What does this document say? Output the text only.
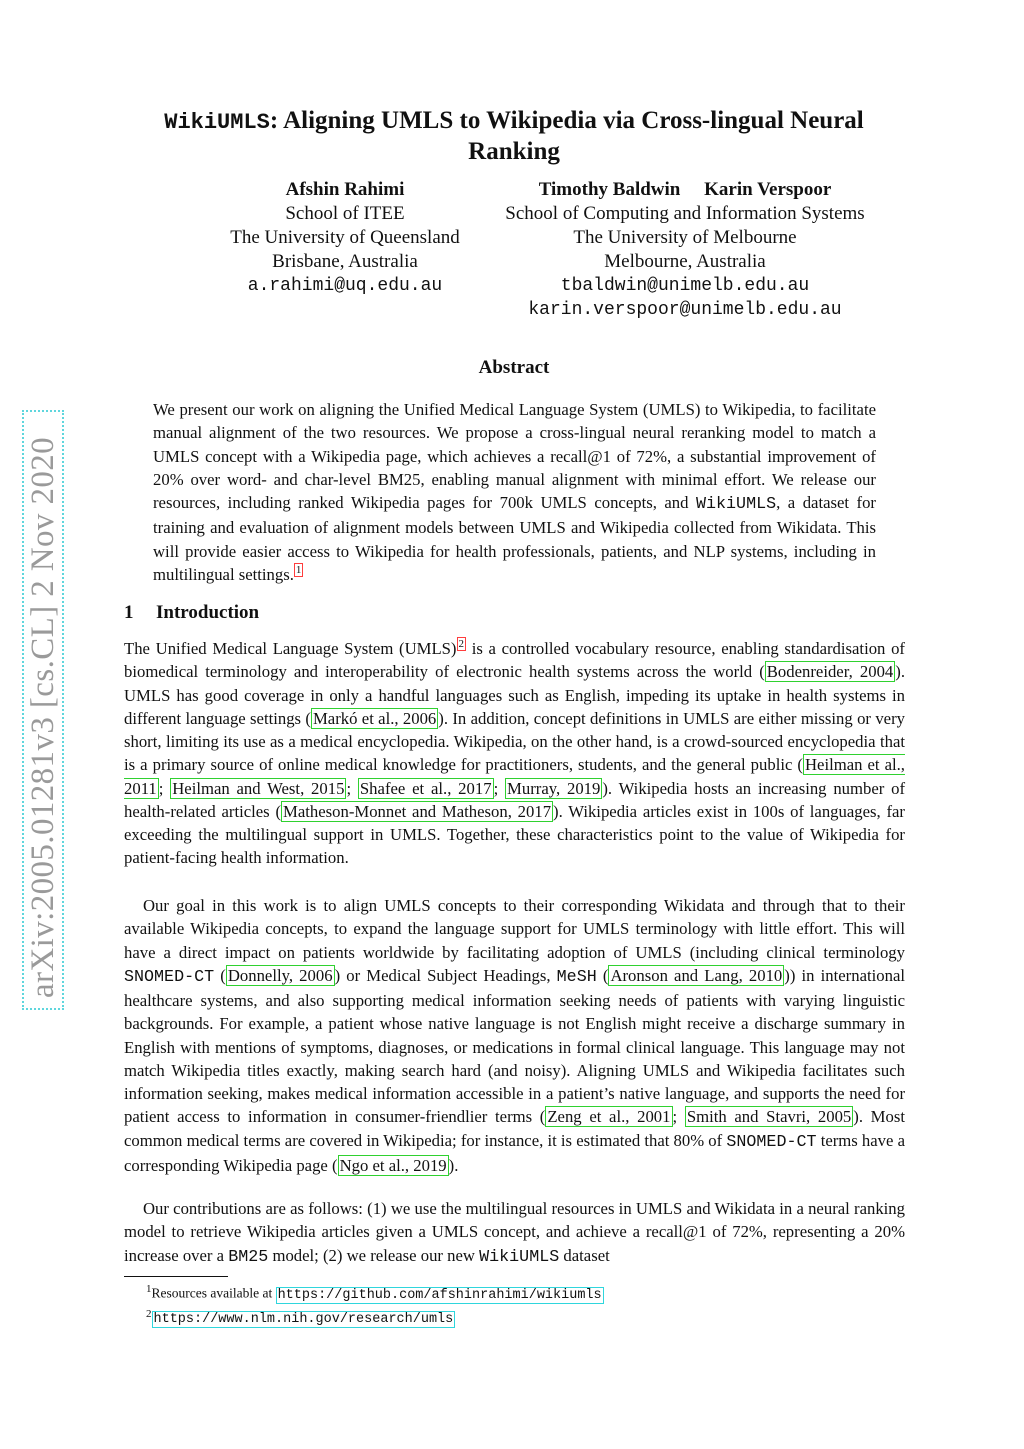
arXiv:2005.01281v3 [cs.CL] 2 Nov 2020
WikiUMLS: Aligning UMLS to Wikipedia via Cross-lingual Neural
Ranking
Afshin Rahimi
School of ITEE
The University of Queensland
Brisbane, Australia
a.rahimi@uq.edu.au
Timothy Baldwin Karin Verspoor
School of Computing and Information Systems
The University of Melbourne
Melbourne, Australia
tbaldwin@unimelb.edu.au
karin.verspoor@unimelb.edu.au
Abstract
We present our work on aligning the Unified Medical Language System (UMLS) to Wikipedia, to facilitate manual alignment of the two resources. We propose a cross-lingual neural reranking model to match a UMLS concept with a Wikipedia page, which achieves a recall@1 of 72%, a substantial improvement of 20% over word- and char-level BM25, enabling manual alignment with minimal effort. We release our resources, including ranked Wikipedia pages for 700k UMLS concepts, and WikiUMLS, a dataset for training and evaluation of alignment models between UMLS and Wikipedia collected from Wikidata. This will provide easier access to Wikipedia for health professionals, patients, and NLP systems, including in multilingual settings. $^1$
1 Introduction
The Unified Medical Language System (UMLS) $^2$ is a controlled vocabulary resource, enabling standardisation of biomedical terminology and interoperability of electronic health systems across the world ( Bodenreider, 2004 ). UMLS has good coverage in only a handful languages such as English, impeding its uptake in health systems in different language settings ( Markó et al., 2006 ). In addition, concept definitions in UMLS are either missing or very short, limiting its use as a medical encyclopedia. Wikipedia, on the other hand, is a crowd-sourced encyclopedia that is a primary source of online medical knowledge for practitioners, students, and the general public ( Heilman et al., 2011 ; Heilman and West, 2015 ; Shafee et al., 2017 ; Murray, 2019 ). Wikipedia hosts an increasing number of health-related articles ( Matheson-Monnet and Matheson, 2017 ). Wikipedia articles exist in 100s of languages, far exceeding the multilingual support in UMLS. Together, these characteristics point to the value of Wikipedia for patient-facing health information.
Our goal in this work is to align UMLS concepts to their corresponding Wikidata and through that to their available Wikipedia concepts, to expand the language support for UMLS terminology with little effort. This will have a direct impact on patients worldwide by facilitating adoption of UMLS (including clinical terminology SNOMED-CT ( Donnelly, 2006 ) or Medical Subject Headings, MeSH ( Aronson and Lang, 2010 )) in international healthcare systems, and also supporting medical information seeking needs of patients with varying linguistic backgrounds. For example, a patient whose native language is not English might receive a discharge summary in English with mentions of symptoms, diagnoses, or medications in formal clinical language. This language may not match Wikipedia titles exactly, making search hard (and noisy). Aligning UMLS and Wikipedia facilitates such information seeking, makes medical information accessible in a patient’s native language, and supports the need for patient access to information in consumer-friendlier terms ( Zeng et al., 2001 ; Smith and Stavri, 2005 ). Most common medical terms are covered in Wikipedia; for instance, it is estimated that 80% of SNOMED-CT terms have a corresponding Wikipedia page ( Ngo et al., 2019 ).
Our contributions are as follows: (1) we use the multilingual resources in UMLS and Wikidata in a neural ranking model to retrieve Wikipedia articles given a UMLS concept, and achieve a recall@1 of 72%, representing a 20% increase over a BM25 model; (2) we release our new WikiUMLS dataset
$^1$Resources available at https://github.com/afshinrahimi/wikiumls
$^2$ https://www.nlm.nih.gov/research/umls
